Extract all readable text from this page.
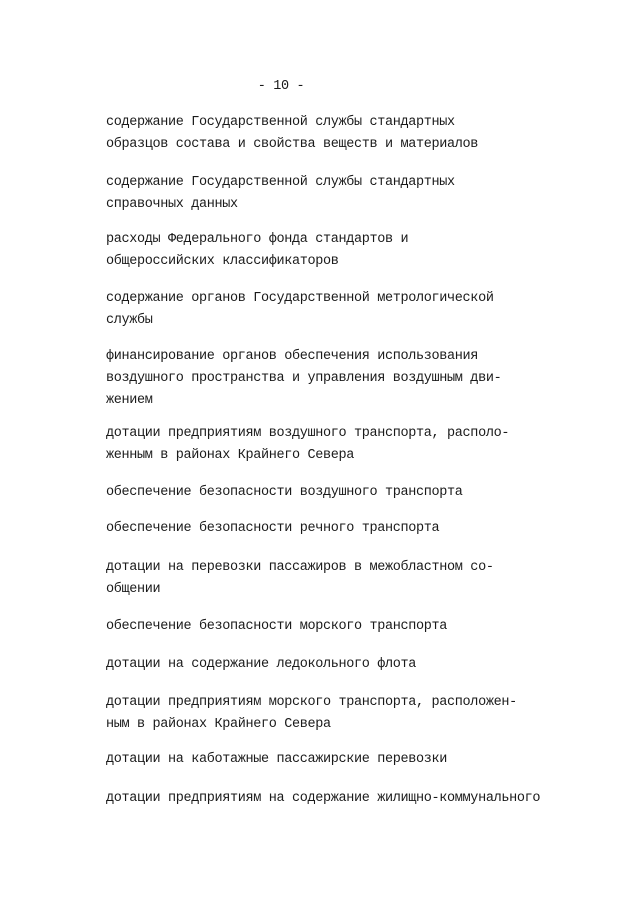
- 10 -

содержание Государственной службы стандартных
образцов состава и свойства веществ и материалов

содержание Государственной службы стандартных
справочных данных

расходы Федерального фонда стандартов и
общероссийских классификаторов

содержание органов Государственной метрологической
службы

финансирование органов обеспечения использования
воздушного пространства и управления воздушным дви-
жением

дотации предприятиям воздушного транспорта, располо-
женным в районах Крайнего Севера

обеспечение безопасности воздушного транспорта

обеспечение безопасности речного транспорта

дотации на перевозки пассажиров в межобластном со-
общении

обеспечение безопасности морского транспорта

дотации на содержание ледокольного флота

дотации предприятиям морского транспорта, расположен-
ным в районах Крайнего Севера

дотации на каботажные пассажирские перевозки

дотации предприятиям на содержание жилищно-коммунального
